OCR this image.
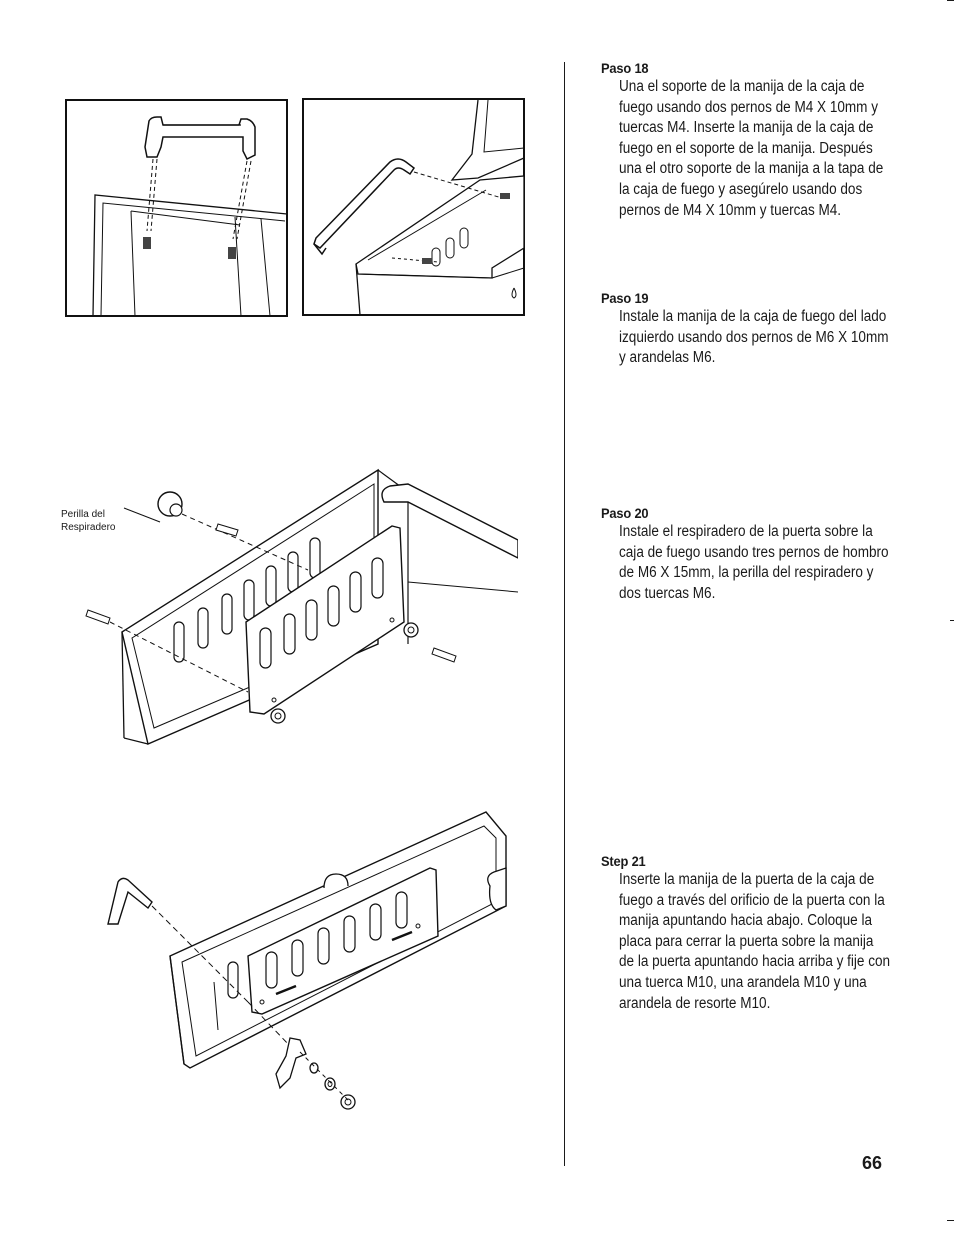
Perilla del Respiradero
Paso 18
Una el soporte de la manija de la caja de fuego usando dos pernos de M4 X 10mm y tuercas M4. Inserte la manija de la caja de fuego en el soporte de la manija. Después una el otro soporte de la manija a la tapa de la caja de fuego y asegúrelo usando dos pernos de M4 X 10mm y tuercas M4.
Paso 19
Instale la manija de la caja de fuego del lado izquierdo usando dos pernos de M6 X 10mm y arandelas M6.
Paso 20
Instale el respiradero de la puerta sobre la caja de fuego usando tres pernos de hombro de M6 X 15mm, la perilla del respiradero y dos tuercas M6.
Step 21
Inserte la manija de la puerta de la caja de fuego a través del orificio de la puerta con la manija apuntando hacia abajo. Coloque la placa para cerrar la puerta sobre la manija de la puerta apuntando hacia arriba y fije con una tuerca M10, una arandela M10 y una arandela de resorte M10.
66
